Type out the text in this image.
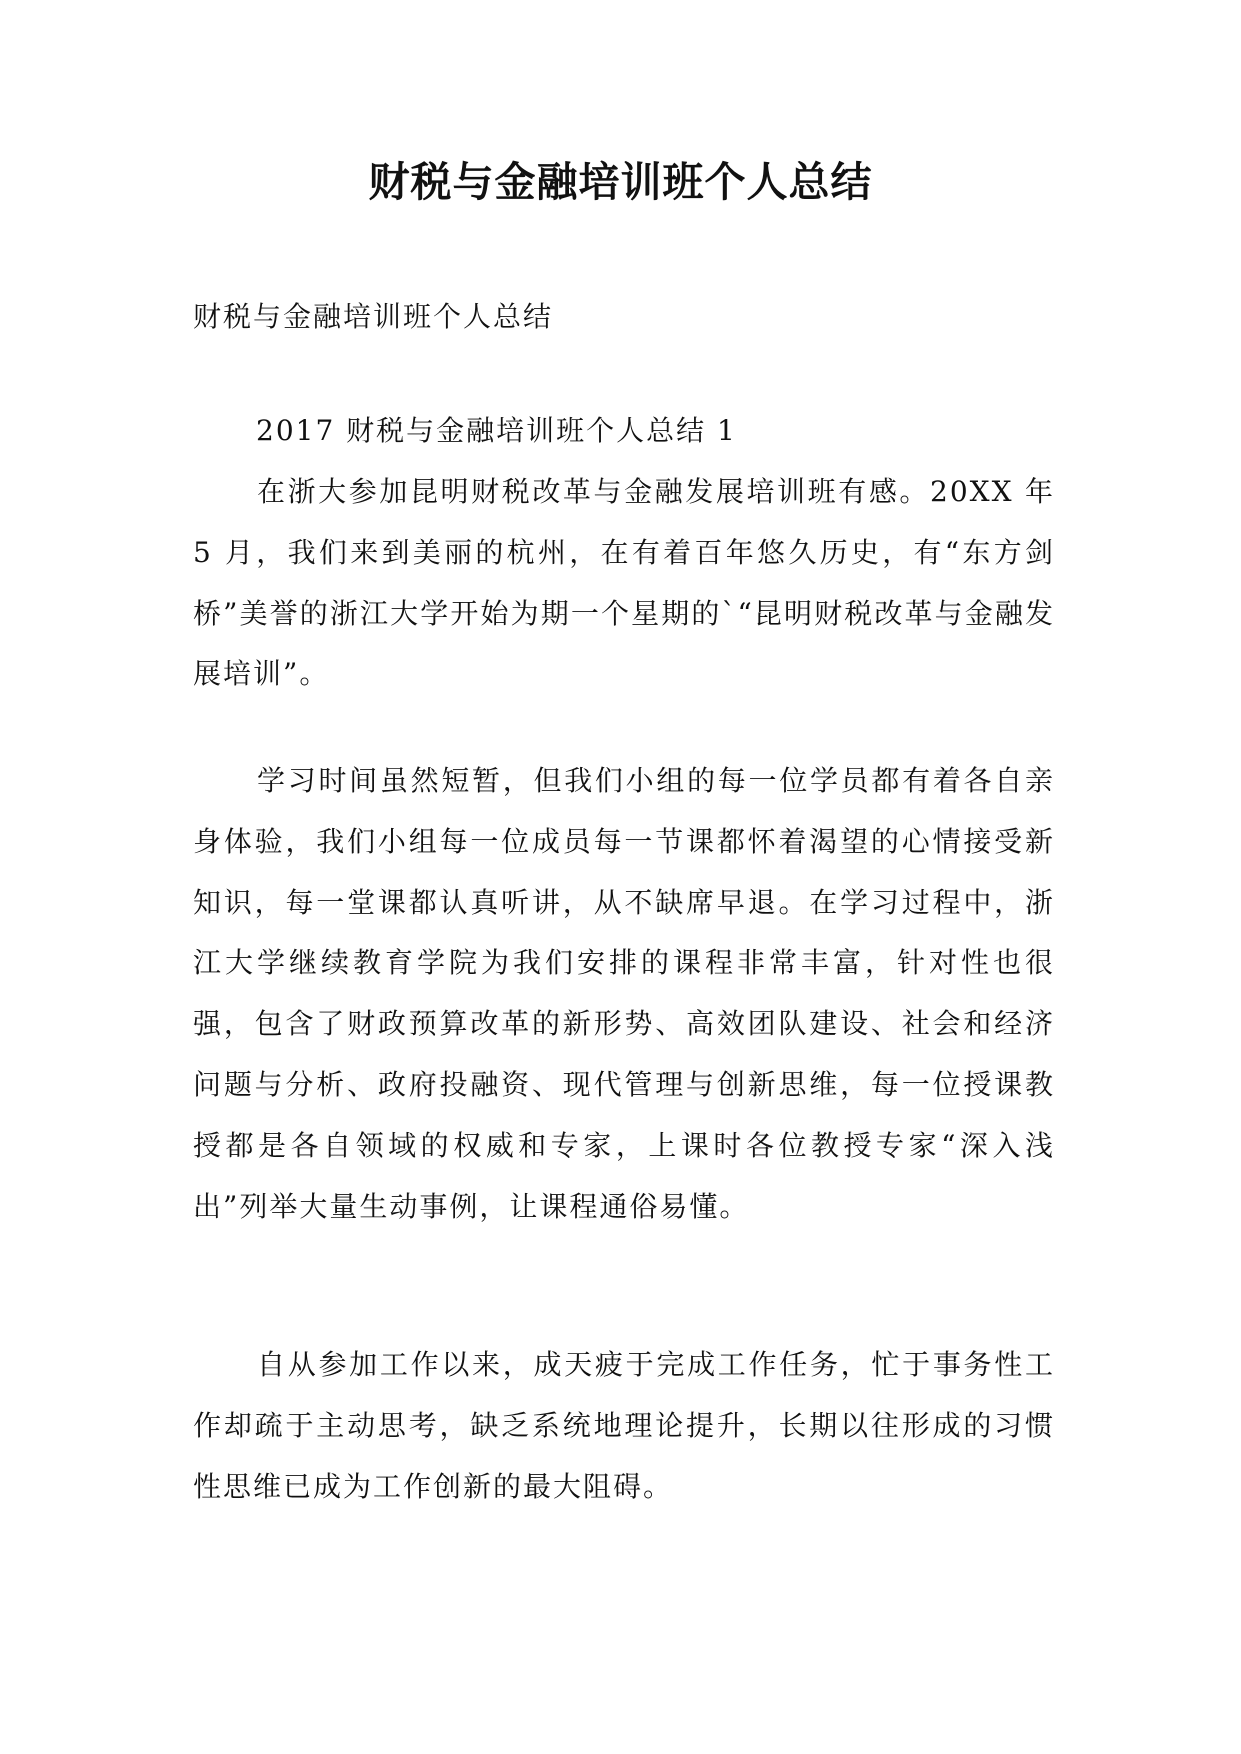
财税与金融培训班个人总结
财税与金融培训班个人总结
2017 财税与金融培训班个人总结 1

在浙大参加昆明财税改革与金融发展培训班有感。20XX 年 5 月，我们来到美丽的杭州，在有着百年悠久历史，有“东方剑桥”美誉的浙江大学开始为期一个星期的`“昆明财税改革与金融发展培训”。

学习时间虽然短暂，但我们小组的每一位学员都有着各自亲身体验，我们小组每一位成员每一节课都怀着渴望的心情接受新知识，每一堂课都认真听讲，从不缺席早退。在学习过程中，浙江大学继续教育学院为我们安排的课程非常丰富，针对性也很强，包含了财政预算改革的新形势、高效团队建设、社会和经济问题与分析、政府投融资、现代管理与创新思维，每一位授课教授都是各自领域的权威和专家，上课时各位教授专家“深入浅出”列举大量生动事例，让课程通俗易懂。

自从参加工作以来，成天疲于完成工作任务，忙于事务性工作却疏于主动思考，缺乏系统地理论提升，长期以往形成的习惯性思维已成为工作创新的最大阻碍。
